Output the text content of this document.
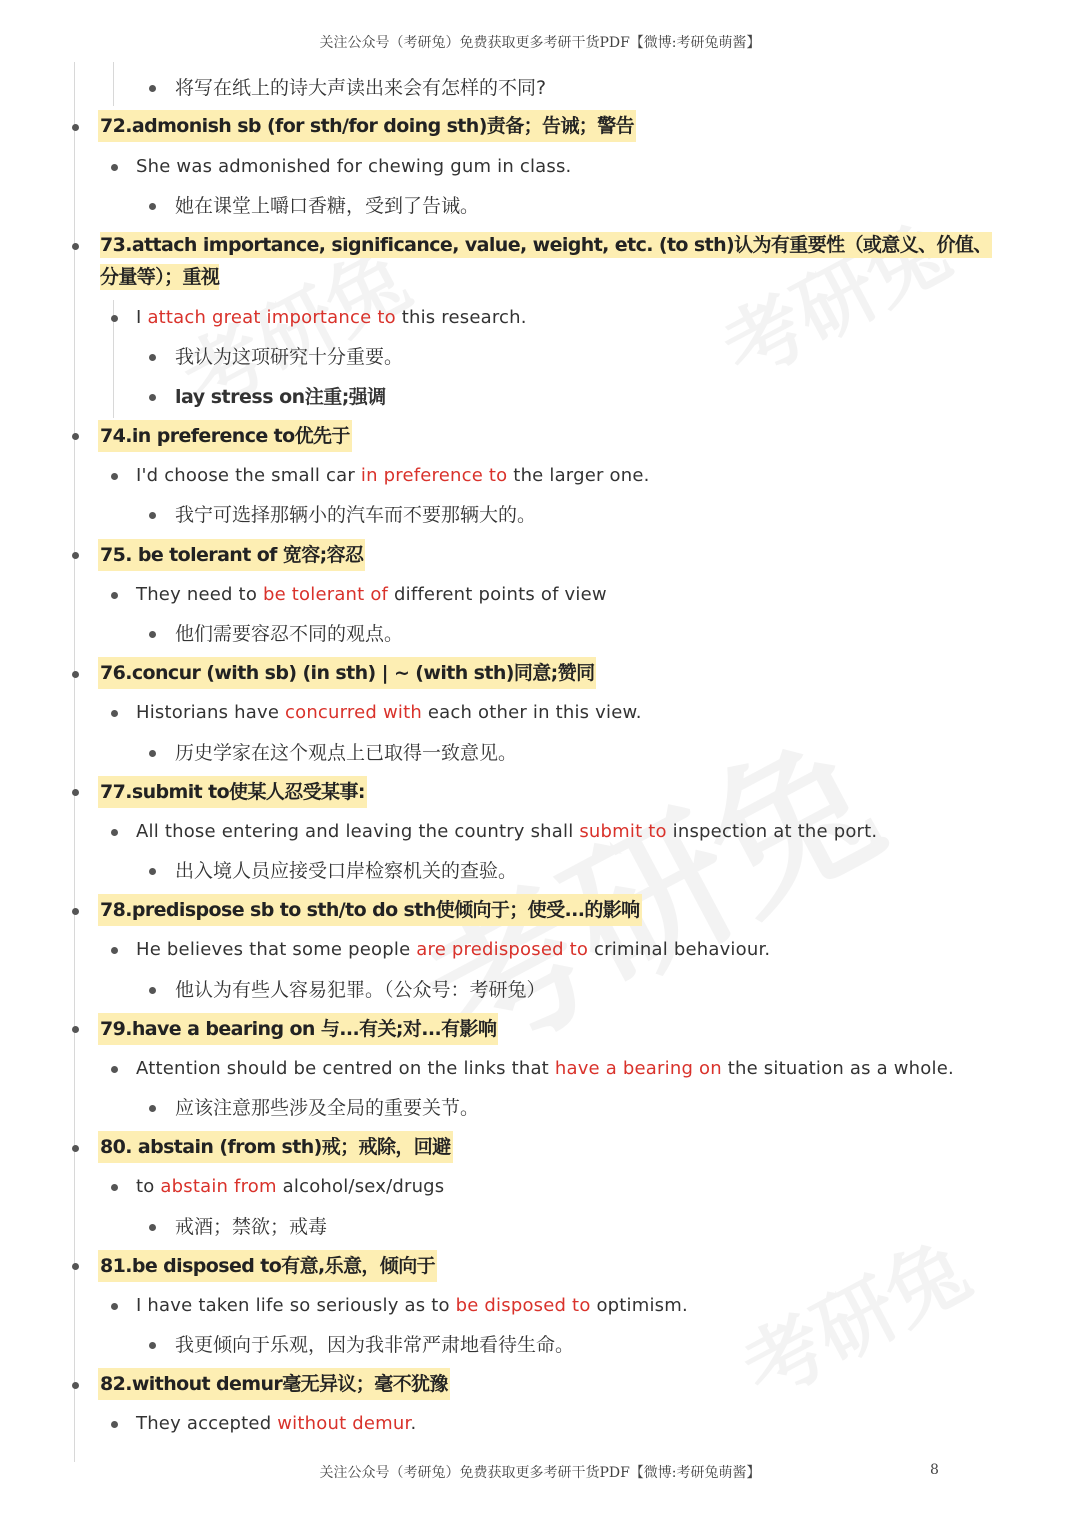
关注公众号（考研兔）免费获取更多考研干货PDF【微博:考研兔萌酱】
将写在纸上的诗大声读出来会有怎样的不同?
72.admonish sb (for sth/for doing sth)责备；告诫；警告
She was admonished for chewing gum in class.
她在课堂上嚼口香糖，受到了告诫。
73.attach importance, significance, value, weight, etc. (to sth)认为有重要性（或意义、价值、分量等）；重视
I attach great importance to this research.
我认为这项研究十分重要。
lay stress on注重;强调
74.in preference to优先于
I'd choose the small car in preference to the larger one.
我宁可选择那辆小的汽车而不要那辆大的。
75. be tolerant of 宽容;容忍
They need to be tolerant of different points of view
他们需要容忍不同的观点。
76.concur (with sb) (in sth) | ~ (with sth)同意;赞同
Historians have concurred with each other in this view.
历史学家在这个观点上已取得一致意见。
77.submit to使某人忍受某事:
All those entering and leaving the country shall submit to inspection at the port.
出入境人员应接受口岸检察机关的查验。
78.predispose sb to sth/to do sth使倾向于；使受...的影响
He believes that some people are predisposed to criminal behaviour.
他认为有些人容易犯罪。（公众号：考研兔）
79.have a bearing on 与...有关;对...有影响
Attention should be centred on the links that have a bearing on the situation as a whole.
应该注意那些涉及全局的重要关节。
80. abstain (from sth)戒；戒除，回避
to abstain from alcohol/sex/drugs
戒酒；禁欲；戒毒
81.be disposed to有意,乐意，倾向于
I have taken life so seriously as to be disposed to optimism.
我更倾向于乐观，因为我非常严肃地看待生命。
82.without demur毫无异议；毫不犹豫
They accepted without demur.
关注公众号（考研兔）免费获取更多考研干货PDF【微博:考研兔萌酱】	8
